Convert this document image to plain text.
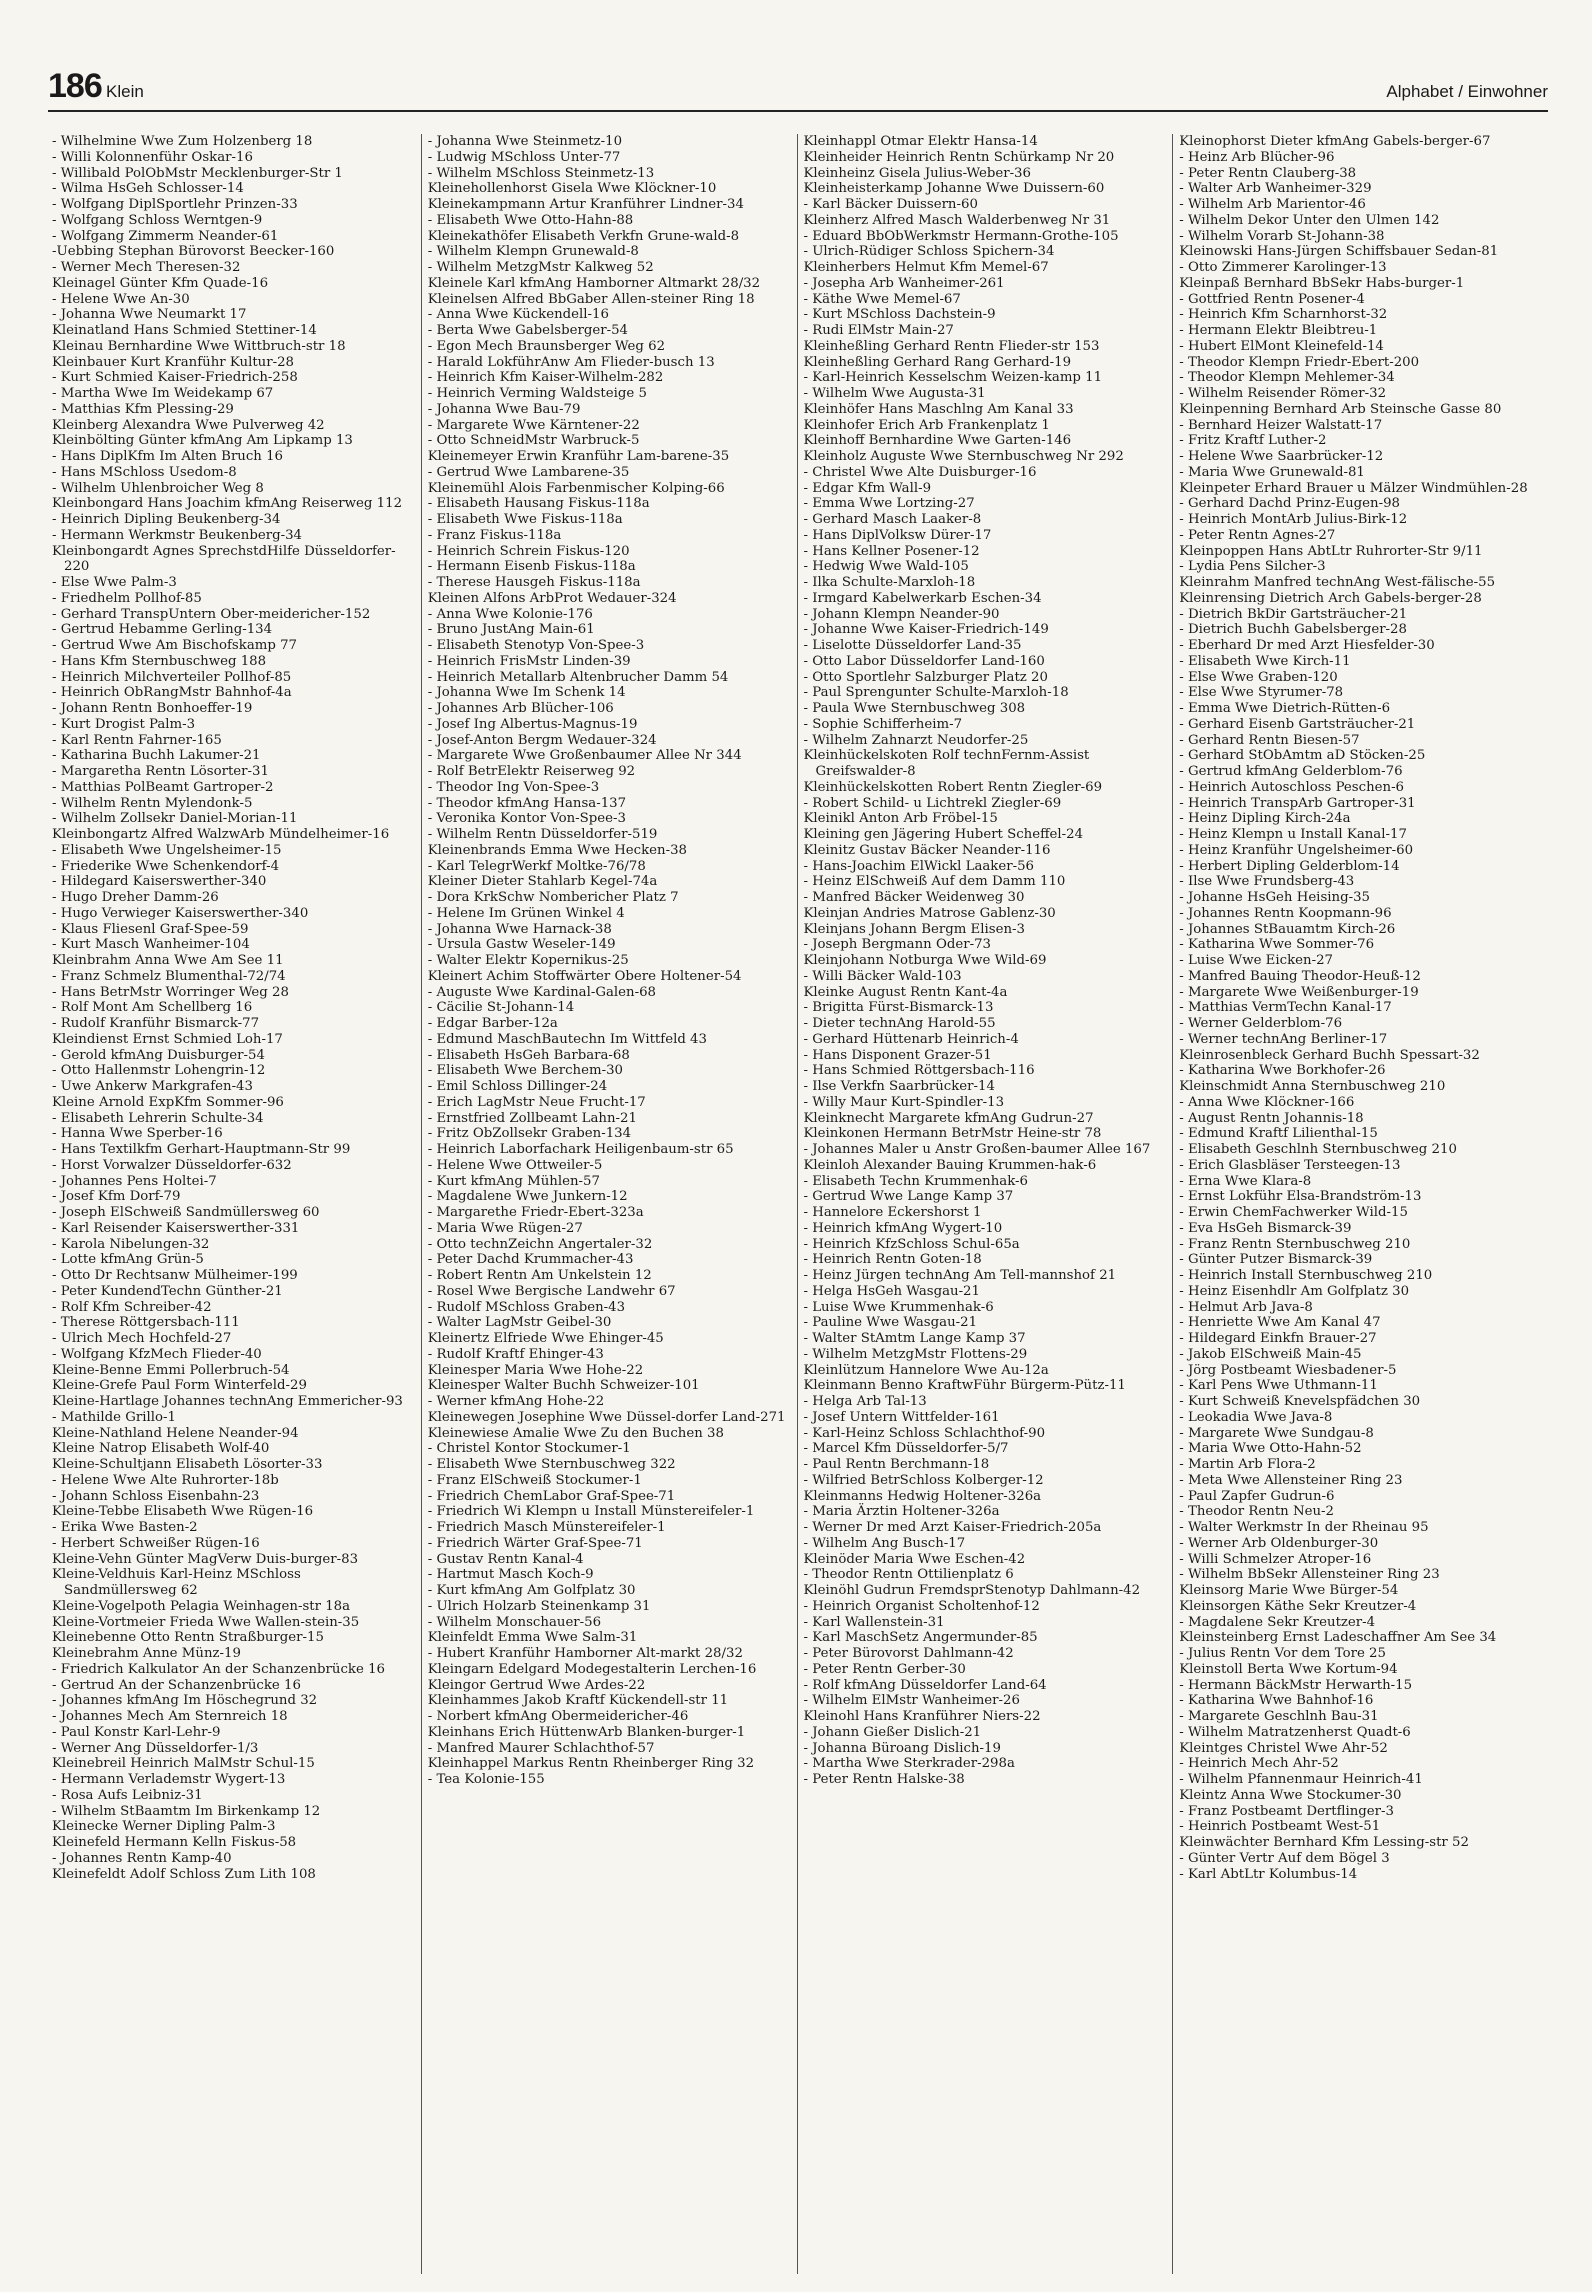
186 Klein	Alphabet / Einwohner

- Wilhelmine Wwe Zum Holzenberg 18

- Willi Kolonnenführ Oskar-16

- Willibald PolObMstr Mecklenburger-Str 1

- Wilma HsGeh Schlosser-14

- Wolfgang DiplSportlehr Prinzen-33

- Wolfgang Schloss Werntgen-9

- Wolfgang Zimmerm Neander-61

-Uebbing Stephan Bürovorst Beecker-160

- Werner Mech Theresen-32

Kleinagel Günter Kfm Quade-16

- Helene Wwe An-30

- Johanna Wwe Neumarkt 17

Kleinatland Hans Schmied Stettiner-14

Kleinau Bernhardine Wwe Wittbruch-str 18

Kleinbauer Kurt Kranführ Kultur-28

- Kurt Schmied Kaiser-Friedrich-258

- Martha Wwe Im Weidekamp 67

- Matthias Kfm Plessing-29

Kleinberg Alexandra Wwe Pulverweg 42

Kleinbölting Günter kfmAng Am Lipkamp 13

- Hans DiplKfm Im Alten Bruch 16

- Hans MSchloss Usedom-8

- Wilhelm Uhlenbroicher Weg 8

Kleinbongard Hans Joachim kfmAng Reiserweg 112

- Heinrich Dipling Beukenberg-34

- Hermann Werkmstr Beukenberg-34

Kleinbongardt Agnes SprechstdHilfe Düsseldorfer-220

- Else Wwe Palm-3

- Friedhelm Pollhof-85

- Gerhard TranspUntern Ober-meidericher-152

- Gertrud Hebamme Gerling-134

- Gertrud Wwe Am Bischofskamp 77

- Hans Kfm Sternbuschweg 188

- Heinrich Milchverteiler Pollhof-85

- Heinrich ObRangMstr Bahnhof-4a

- Johann Rentn Bonhoeffer-19

- Kurt Drogist Palm-3

- Karl Rentn Fahrner-165

- Katharina Buchh Lakumer-21

- Margaretha Rentn Lösorter-31

- Matthias PolBeamt Gartroper-2

- Wilhelm Rentn Mylendonk-5

- Wilhelm Zollsekr Daniel-Morian-11

Kleinbongartz Alfred WalzwArb Mündelheimer-16

- Elisabeth Wwe Ungelsheimer-15

- Friederike Wwe Schenkendorf-4

- Hildegard Kaiserswerther-340

- Hugo Dreher Damm-26

- Hugo Verwieger Kaiserswerther-340

- Klaus Fliesenl Graf-Spee-59

- Kurt Masch Wanheimer-104

Kleinbrahm Anna Wwe Am See 11

- Franz Schmelz Blumenthal-72/74

- Hans BetrMstr Worringer Weg 28

- Rolf Mont Am Schellberg 16

- Rudolf Kranführ Bismarck-77

Kleindienst Ernst Schmied Loh-17

- Gerold kfmAng Duisburger-54

- Otto Hallenmstr Lohengrin-12

- Uwe Ankerw Markgrafen-43

Kleine Arnold ExpKfm Sommer-96

- Elisabeth Lehrerin Schulte-34

- Hanna Wwe Sperber-16

- Hans Textilkfm Gerhart-Hauptmann-Str 99

- Horst Vorwalzer Düsseldorfer-632

- Johannes Pens Holtei-7

- Josef Kfm Dorf-79

- Joseph ElSchweiß Sandmüllersweg 60

- Karl Reisender Kaiserswerther-331

- Karola Nibelungen-32

- Lotte kfmAng Grün-5

- Otto Dr Rechtsanw Mülheimer-199

- Peter KundendTechn Günther-21

- Rolf Kfm Schreiber-42

- Therese Röttgersbach-111

- Ulrich Mech Hochfeld-27

- Wolfgang KfzMech Flieder-40

Kleine-Benne Emmi Pollerbruch-54

Kleine-Grefe Paul Form Winterfeld-29

Kleine-Hartlage Johannes technAng Emmericher-93

- Mathilde Grillo-1

Kleine-Nathland Helene Neander-94

Kleine Natrop Elisabeth Wolf-40

Kleine-Schultjann Elisabeth Lösorter-33

- Helene Wwe Alte Ruhrorter-18b

- Johann Schloss Eisenbahn-23

Kleine-Tebbe Elisabeth Wwe Rügen-16

- Erika Wwe Basten-2

- Herbert Schweißer Rügen-16

Kleine-Vehn Günter MagVerw Duis-burger-83

Kleine-Veldhuis Karl-Heinz MSchloss Sandmüllersweg 62

Kleine-Vogelpoth Pelagia Weinhagen-str 18a

Kleine-Vortmeier Frieda Wwe Wallen-stein-35

Kleinebenne Otto Rentn Straßburger-15

Kleinebrahm Anne Münz-19

- Friedrich Kalkulator An der Schanzenbrücke 16

- Gertrud An der Schanzenbrücke 16

- Johannes kfmAng Im Höschegrund 32

- Johannes Mech Am Sternreich 18

- Paul Konstr Karl-Lehr-9

- Werner Ang Düsseldorfer-1/3

Kleinebreil Heinrich MalMstr Schul-15

- Hermann Verlademstr Wygert-13

- Rosa Aufs Leibniz-31

- Wilhelm StBaamtm Im Birkenkamp 12

Kleinecke Werner Dipling Palm-3

Kleinefeld Hermann Kelln Fiskus-58

- Johannes Rentn Kamp-40

Kleinefeldt Adolf Schloss Zum Lith 108

- Johanna Wwe Steinmetz-10

- Ludwig MSchloss Unter-77

- Wilhelm MSchloss Steinmetz-13

Kleinehollenhorst Gisela Wwe Klöckner-10

Kleinekampmann Artur Kranführer Lindner-34

- Elisabeth Wwe Otto-Hahn-88

Kleinekathöfer Elisabeth Verkfn Grune-wald-8

- Wilhelm Klempn Grunewald-8

- Wilhelm MetzgMstr Kalkweg 52

Kleinele Karl kfmAng Hamborner Altmarkt 28/32

Kleinelsen Alfred BbGaber Allen-steiner Ring 18

- Anna Wwe Kückendell-16

- Berta Wwe Gabelsberger-54

- Egon Mech Braunsberger Weg 62

- Harald LokführAnw Am Flieder-busch 13

- Heinrich Kfm Kaiser-Wilhelm-282

- Heinrich Verming Waldsteige 5

- Johanna Wwe Bau-79

- Margarete Wwe Kärntener-22

- Otto SchneidMstr Warbruck-5

Kleinemeyer Erwin Kranführ Lam-barene-35

- Gertrud Wwe Lambarene-35

Kleinemühl Alois Farbenmischer Kolping-66

- Elisabeth Hausang Fiskus-118a

- Elisabeth Wwe Fiskus-118a

- Franz Fiskus-118a

- Heinrich Schrein Fiskus-120

- Hermann Eisenb Fiskus-118a

- Therese Hausgeh Fiskus-118a

Kleinen Alfons ArbProt Wedauer-324

- Anna Wwe Kolonie-176

- Bruno JustAng Main-61

- Elisabeth Stenotyp Von-Spee-3

- Heinrich FrisMstr Linden-39

- Heinrich Metallarb Altenbrucher Damm 54

- Johanna Wwe Im Schenk 14

- Johannes Arb Blücher-106

- Josef Ing Albertus-Magnus-19

- Josef-Anton Bergm Wedauer-324

- Margarete Wwe Großenbaumer Allee Nr 344

- Rolf BetrElektr Reiserweg 92

- Theodor Ing Von-Spee-3

- Theodor kfmAng Hansa-137

- Veronika Kontor Von-Spee-3

- Wilhelm Rentn Düsseldorfer-519

Kleinenbrands Emma Wwe Hecken-38

- Karl TelegrWerkf Moltke-76/78

Kleiner Dieter Stahlarb Kegel-74a

- Dora KrkSchw Nombericher Platz 7

- Helene Im Grünen Winkel 4

- Johanna Wwe Harnack-38

- Ursula Gastw Weseler-149

- Walter Elektr Kopernikus-25

Kleinert Achim Stoffwärter Obere Holtener-54

- Auguste Wwe Kardinal-Galen-68

- Cäcilie St-Johann-14

- Edgar Barber-12a

- Edmund MaschBautechn Im Wittfeld 43

- Elisabeth HsGeh Barbara-68

- Elisabeth Wwe Berchem-30

- Emil Schloss Dillinger-24

- Erich LagMstr Neue Frucht-17

- Ernstfried Zollbeamt Lahn-21

- Fritz ObZollsekr Graben-134

- Heinrich Laborfachark Heiligenbaum-str 65

- Helene Wwe Ottweiler-5

- Kurt kfmAng Mühlen-57

- Magdalene Wwe Junkern-12

- Margarethe Friedr-Ebert-323a

- Maria Wwe Rügen-27

- Otto technZeichn Angertaler-32

- Peter Dachd Krummacher-43

- Robert Rentn Am Unkelstein 12

- Rosel Wwe Bergische Landwehr 67

- Rudolf MSchloss Graben-43

- Walter LagMstr Geibel-30

Kleinertz Elfriede Wwe Ehinger-45

- Rudolf Kraftf Ehinger-43

Kleinesper Maria Wwe Hohe-22

Kleinesper Walter Buchh Schweizer-101

- Werner kfmAng Hohe-22

Kleinewegen Josephine Wwe Düssel-dorfer Land-271

Kleinewiese Amalie Wwe Zu den Buchen 38

- Christel Kontor Stockumer-1

- Elisabeth Wwe Sternbuschweg 322

- Franz ElSchweiß Stockumer-1

- Friedrich ChemLabor Graf-Spee-71

- Friedrich Wi Klempn u Install Münstereifeler-1

- Friedrich Masch Münstereifeler-1

- Friedrich Wärter Graf-Spee-71

- Gustav Rentn Kanal-4

- Hartmut Masch Koch-9

- Kurt kfmAng Am Golfplatz 30

- Ulrich Holzarb Steinenkamp 31

- Wilhelm Monschauer-56

Kleinfeldt Emma Wwe Salm-31

- Hubert Kranführ Hamborner Alt-markt 28/32

Kleingarn Edelgard Modegestalterin Lerchen-16

Kleingor Gertrud Wwe Ardes-22

Kleinhammes Jakob Kraftf Kückendell-str 11

- Norbert kfmAng Obermeidericher-46

Kleinhans Erich HüttenwArb Blanken-burger-1

- Manfred Maurer Schlachthof-57

Kleinhappel Markus Rentn Rheinberger Ring 32

- Tea Kolonie-155

Kleinhappl Otmar Elektr Hansa-14

Kleinheider Heinrich Rentn Schürkamp Nr 20

Kleinheinz Gisela Julius-Weber-36

Kleinheisterkamp Johanne Wwe Duissern-60

- Karl Bäcker Duissern-60

Kleinherz Alfred Masch Walderbenweg Nr 31

- Eduard BbObWerkmstr Hermann-Grothe-105

- Ulrich-Rüdiger Schloss Spichern-34

Kleinherbers Helmut Kfm Memel-67

- Josepha Arb Wanheimer-261

- Käthe Wwe Memel-67

- Kurt MSchloss Dachstein-9

- Rudi ElMstr Main-27

Kleinheßling Gerhard Rentn Flieder-str 153

Kleinheßling Gerhard Rang Gerhard-19

- Karl-Heinrich Kesselschm Weizen-kamp 11

- Wilhelm Wwe Augusta-31

Kleinhöfer Hans Maschlng Am Kanal 33

Kleinhofer Erich Arb Frankenplatz 1

Kleinhoff Bernhardine Wwe Garten-146

Kleinholz Auguste Wwe Sternbuschweg Nr 292

- Christel Wwe Alte Duisburger-16

- Edgar Kfm Wall-9

- Emma Wwe Lortzing-27

- Gerhard Masch Laaker-8

- Hans DiplVolksw Dürer-17

- Hans Kellner Posener-12

- Hedwig Wwe Wald-105

- Ilka Schulte-Marxloh-18

- Irmgard Kabelwerkarb Eschen-34

- Johann Klempn Neander-90

- Johanne Wwe Kaiser-Friedrich-149

- Liselotte Düsseldorfer Land-35

- Otto Labor Düsseldorfer Land-160

- Otto Sportlehr Salzburger Platz 20

- Paul Sprengunter Schulte-Marxloh-18

- Paula Wwe Sternbuschweg 308

- Sophie Schifferheim-7

- Wilhelm Zahnarzt Neudorfer-25

Kleinhückelskoten Rolf technFernm-Assist Greifswalder-8

Kleinhückelskotten Robert Rentn Ziegler-69

- Robert Schild- u Lichtrekl Ziegler-69

Kleinikl Anton Arb Fröbel-15

Kleining gen Jägering Hubert Scheffel-24

Kleinitz Gustav Bäcker Neander-116

- Hans-Joachim ElWickl Laaker-56

- Heinz ElSchweiß Auf dem Damm 110

- Manfred Bäcker Weidenweg 30

Kleinjan Andries Matrose Gablenz-30

Kleinjans Johann Bergm Elisen-3

- Joseph Bergmann Oder-73

Kleinjohann Notburga Wwe Wild-69

- Willi Bäcker Wald-103

Kleinke August Rentn Kant-4a

- Brigitta Fürst-Bismarck-13

- Dieter technAng Harold-55

- Gerhard Hüttenarb Heinrich-4

- Hans Disponent Grazer-51

- Hans Schmied Röttgersbach-116

- Ilse Verkfn Saarbrücker-14

- Willy Maur Kurt-Spindler-13

Kleinknecht Margarete kfmAng Gudrun-27

Kleinkonen Hermann BetrMstr Heine-str 78

- Johannes Maler u Anstr Großen-baumer Allee 167

Kleinloh Alexander Bauing Krummen-hak-6

- Elisabeth Techn Krummenhak-6

- Gertrud Wwe Lange Kamp 37

- Hannelore Eckershorst 1

- Heinrich kfmAng Wygert-10

- Heinrich KfzSchloss Schul-65a

- Heinrich Rentn Goten-18

- Heinz Jürgen technAng Am Tell-mannshof 21

- Helga HsGeh Wasgau-21

- Luise Wwe Krummenhak-6

- Pauline Wwe Wasgau-21

- Walter StAmtm Lange Kamp 37

- Wilhelm MetzgMstr Flottens-29

Kleinlützum Hannelore Wwe Au-12a

Kleinmann Benno KraftwFühr Bürgerm-Pütz-11

- Helga Arb Tal-13

- Josef Untern Wittfelder-161

- Karl-Heinz Schloss Schlachthof-90

- Marcel Kfm Düsseldorfer-5/7

- Paul Rentn Berchmann-18

- Wilfried BetrSchloss Kolberger-12

Kleinmanns Hedwig Holtener-326a

- Maria Ärztin Holtener-326a

- Werner Dr med Arzt Kaiser-Friedrich-205a

- Wilhelm Ang Busch-17

Kleinöder Maria Wwe Eschen-42

- Theodor Rentn Ottilienplatz 6

Kleinöhl Gudrun FremdsprStenotyp Dahlmann-42

- Heinrich Organist Scholtenhof-12

- Karl Wallenstein-31

- Karl MaschSetz Angermunder-85

- Peter Bürovorst Dahlmann-42

- Peter Rentn Gerber-30

- Rolf kfmAng Düsseldorfer Land-64

- Wilhelm ElMstr Wanheimer-26

Kleinohl Hans Kranführer Niers-22

- Johann Gießer Dislich-21

- Johanna Büroang Dislich-19

- Martha Wwe Sterkrader-298a

- Peter Rentn Halske-38

Kleinophorst Dieter kfmAng Gabels-berger-67

- Heinz Arb Blücher-96

- Peter Rentn Clauberg-38

- Walter Arb Wanheimer-329

- Wilhelm Arb Marientor-46

- Wilhelm Dekor Unter den Ulmen 142

- Wilhelm Vorarb St-Johann-38

Kleinowski Hans-Jürgen Schiffsbauer Sedan-81

- Otto Zimmerer Karolinger-13

Kleinpaß Bernhard BbSekr Habs-burger-1

- Gottfried Rentn Posener-4

- Heinrich Kfm Scharnhorst-32

- Hermann Elektr Bleibtreu-1

- Hubert ElMont Kleinefeld-14

- Theodor Klempn Friedr-Ebert-200

- Theodor Klempn Mehlemer-34

- Wilhelm Reisender Römer-32

Kleinpenning Bernhard Arb Steinsche Gasse 80

- Bernhard Heizer Walstatt-17

- Fritz Kraftf Luther-2

- Helene Wwe Saarbrücker-12

- Maria Wwe Grunewald-81

Kleinpeter Erhard Brauer u Mälzer Windmühlen-28

- Gerhard Dachd Prinz-Eugen-98

- Heinrich MontArb Julius-Birk-12

- Peter Rentn Agnes-27

Kleinpoppen Hans AbtLtr Ruhrorter-Str 9/11

- Lydia Pens Silcher-3

Kleinrahm Manfred technAng West-fälische-55

Kleinrensing Dietrich Arch Gabels-berger-28

- Dietrich BkDir Gartsträucher-21

- Dietrich Buchh Gabelsberger-28

- Eberhard Dr med Arzt Hiesfelder-30

- Elisabeth Wwe Kirch-11

- Else Wwe Graben-120

- Else Wwe Styrumer-78

- Emma Wwe Dietrich-Rütten-6

- Gerhard Eisenb Gartsträucher-21

- Gerhard Rentn Biesen-57

- Gerhard StObAmtm aD Stöcken-25

- Gertrud kfmAng Gelderblom-76

- Heinrich Autoschloss Peschen-6

- Heinrich TranspArb Gartroper-31

- Heinz Dipling Kirch-24a

- Heinz Klempn u Install Kanal-17

- Heinz Kranführ Ungelsheimer-60

- Herbert Dipling Gelderblom-14

- Ilse Wwe Frundsberg-43

- Johanne HsGeh Heising-35

- Johannes Rentn Koopmann-96

- Johannes StBauamtm Kirch-26

- Katharina Wwe Sommer-76

- Luise Wwe Eicken-27

- Manfred Bauing Theodor-Heuß-12

- Margarete Wwe Weißenburger-19

- Matthias VermTechn Kanal-17

- Werner Gelderblom-76

- Werner technAng Berliner-17

Kleinrosenbleck Gerhard Buchh Spessart-32

- Katharina Wwe Borkhofer-26

Kleinschmidt Anna Sternbuschweg 210

- Anna Wwe Klöckner-166

- August Rentn Johannis-18

- Edmund Kraftf Lilienthal-15

- Elisabeth Geschlnh Sternbuschweg 210

- Erich Glasbläser Tersteegen-13

- Erna Wwe Klara-8

- Ernst Lokführ Elsa-Brandström-13

- Erwin ChemFachwerker Wild-15

- Eva HsGeh Bismarck-39

- Franz Rentn Sternbuschweg 210

- Günter Putzer Bismarck-39

- Heinrich Install Sternbuschweg 210

- Heinz Eisenhdlr Am Golfplatz 30

- Helmut Arb Java-8

- Henriette Wwe Am Kanal 47

- Hildegard Einkfn Brauer-27

- Jakob ElSchweiß Main-45

- Jörg Postbeamt Wiesbadener-5

- Karl Pens Wwe Uthmann-11

- Kurt Schweiß Knevelspfädchen 30

- Leokadia Wwe Java-8

- Margarete Wwe Sundgau-8

- Maria Wwe Otto-Hahn-52

- Martin Arb Flora-2

- Meta Wwe Allensteiner Ring 23

- Paul Zapfer Gudrun-6

- Theodor Rentn Neu-2

- Walter Werkmstr In der Rheinau 95

- Werner Arb Oldenburger-30

- Willi Schmelzer Atroper-16

- Wilhelm BbSekr Allensteiner Ring 23

Kleinsorg Marie Wwe Bürger-54

Kleinsorgen Käthe Sekr Kreutzer-4

- Magdalene Sekr Kreutzer-4

Kleinsteinberg Ernst Ladeschaffner Am See 34

- Julius Rentn Vor dem Tore 25

Kleinstoll Berta Wwe Kortum-94

- Hermann BäckMstr Herwarth-15

- Katharina Wwe Bahnhof-16

- Margarete Geschlnh Bau-31

- Wilhelm Matratzenherst Quadt-6

Kleintges Christel Wwe Ahr-52

- Heinrich Mech Ahr-52

- Wilhelm Pfannenmaur Heinrich-41

Kleintz Anna Wwe Stockumer-30

- Franz Postbeamt Dertflinger-3

- Heinrich Postbeamt West-51

Kleinwächter Bernhard Kfm Lessing-str 52

- Günter Vertr Auf dem Bögel 3

- Karl AbtLtr Kolumbus-14
